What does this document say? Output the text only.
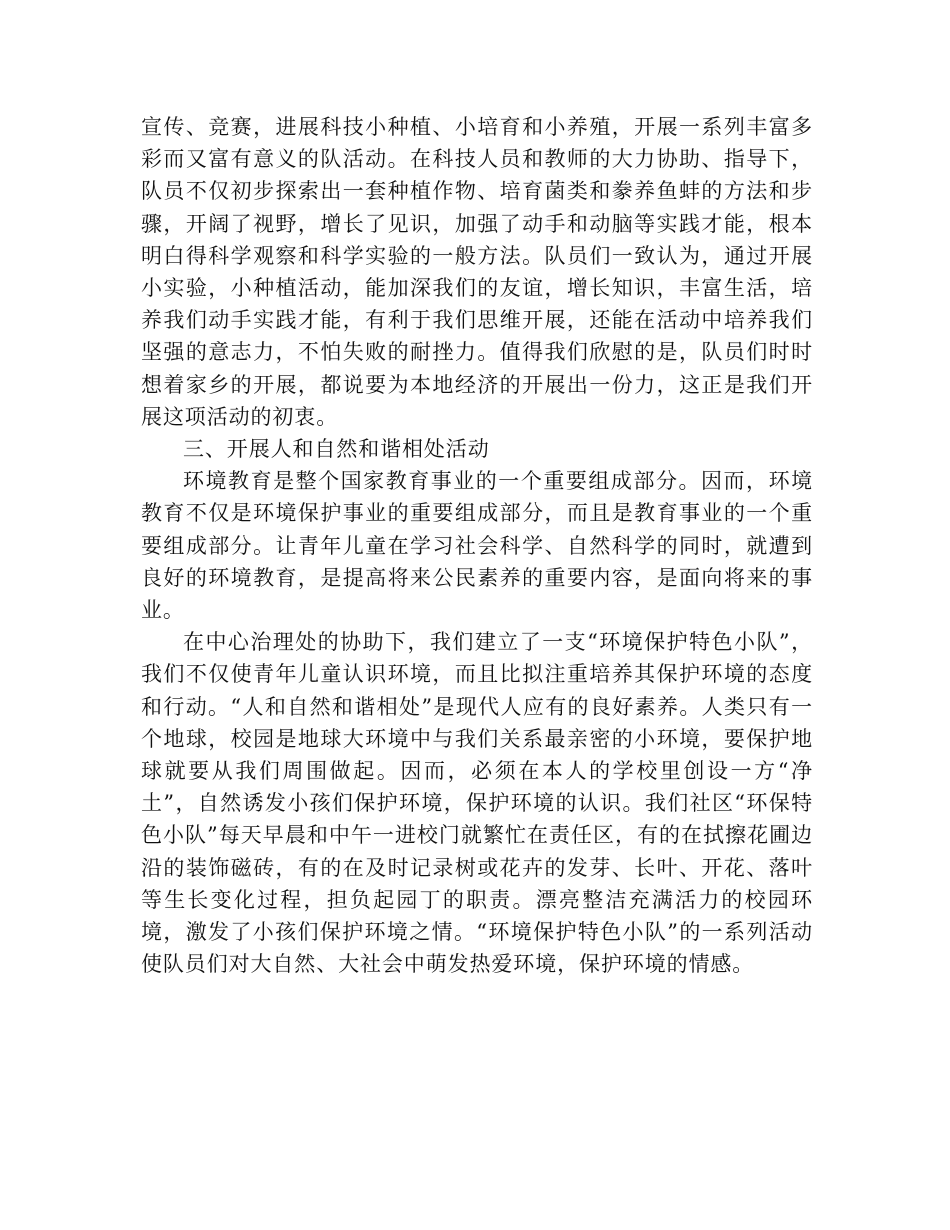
宣传、竞赛，进展科技小种植、小培育和小养殖，开展一系列丰富多彩而又富有意义的队活动。在科技人员和教师的大力协助、指导下，队员不仅初步探索出一套种植作物、培育菌类和豢养鱼蚌的方法和步骤，开阔了视野，增长了见识，加强了动手和动脑等实践才能，根本明白得科学观察和科学实验的一般方法。队员们一致认为，通过开展小实验，小种植活动，能加深我们的友谊，增长知识，丰富生活，培养我们动手实践才能，有利于我们思维开展，还能在活动中培养我们坚强的意志力，不怕失败的耐挫力。值得我们欣慰的是，队员们时时想着家乡的开展，都说要为本地经济的开展出一份力，这正是我们开展这项活动的初衷。

三、开展人和自然和谐相处活动

环境教育是整个国家教育事业的一个重要组成部分。因而，环境教育不仅是环境保护事业的重要组成部分，而且是教育事业的一个重要组成部分。让青年儿童在学习社会科学、自然科学的同时，就遭到良好的环境教育，是提高将来公民素养的重要内容，是面向将来的事业。

在中心治理处的协助下，我们建立了一支“环境保护特色小队”，我们不仅使青年儿童认识环境，而且比拟注重培养其保护环境的态度和行动。“人和自然和谐相处”是现代人应有的良好素养。人类只有一个地球，校园是地球大环境中与我们关系最亲密的小环境，要保护地球就要从我们周围做起。因而，必须在本人的学校里创设一方“净土”，自然诱发小孩们保护环境，保护环境的认识。我们社区“环保特色小队”每天早晨和中午一进校门就繁忙在责任区，有的在拭擦花圃边沿的装饰磁砖，有的在及时记录树或花卉的发芽、长叶、开花、落叶等生长变化过程，担负起园丁的职责。漂亮整洁充满活力的校园环境，激发了小孩们保护环境之情。“环境保护特色小队”的一系列活动使队员们对大自然、大社会中萌发热爱环境，保护环境的情感。
